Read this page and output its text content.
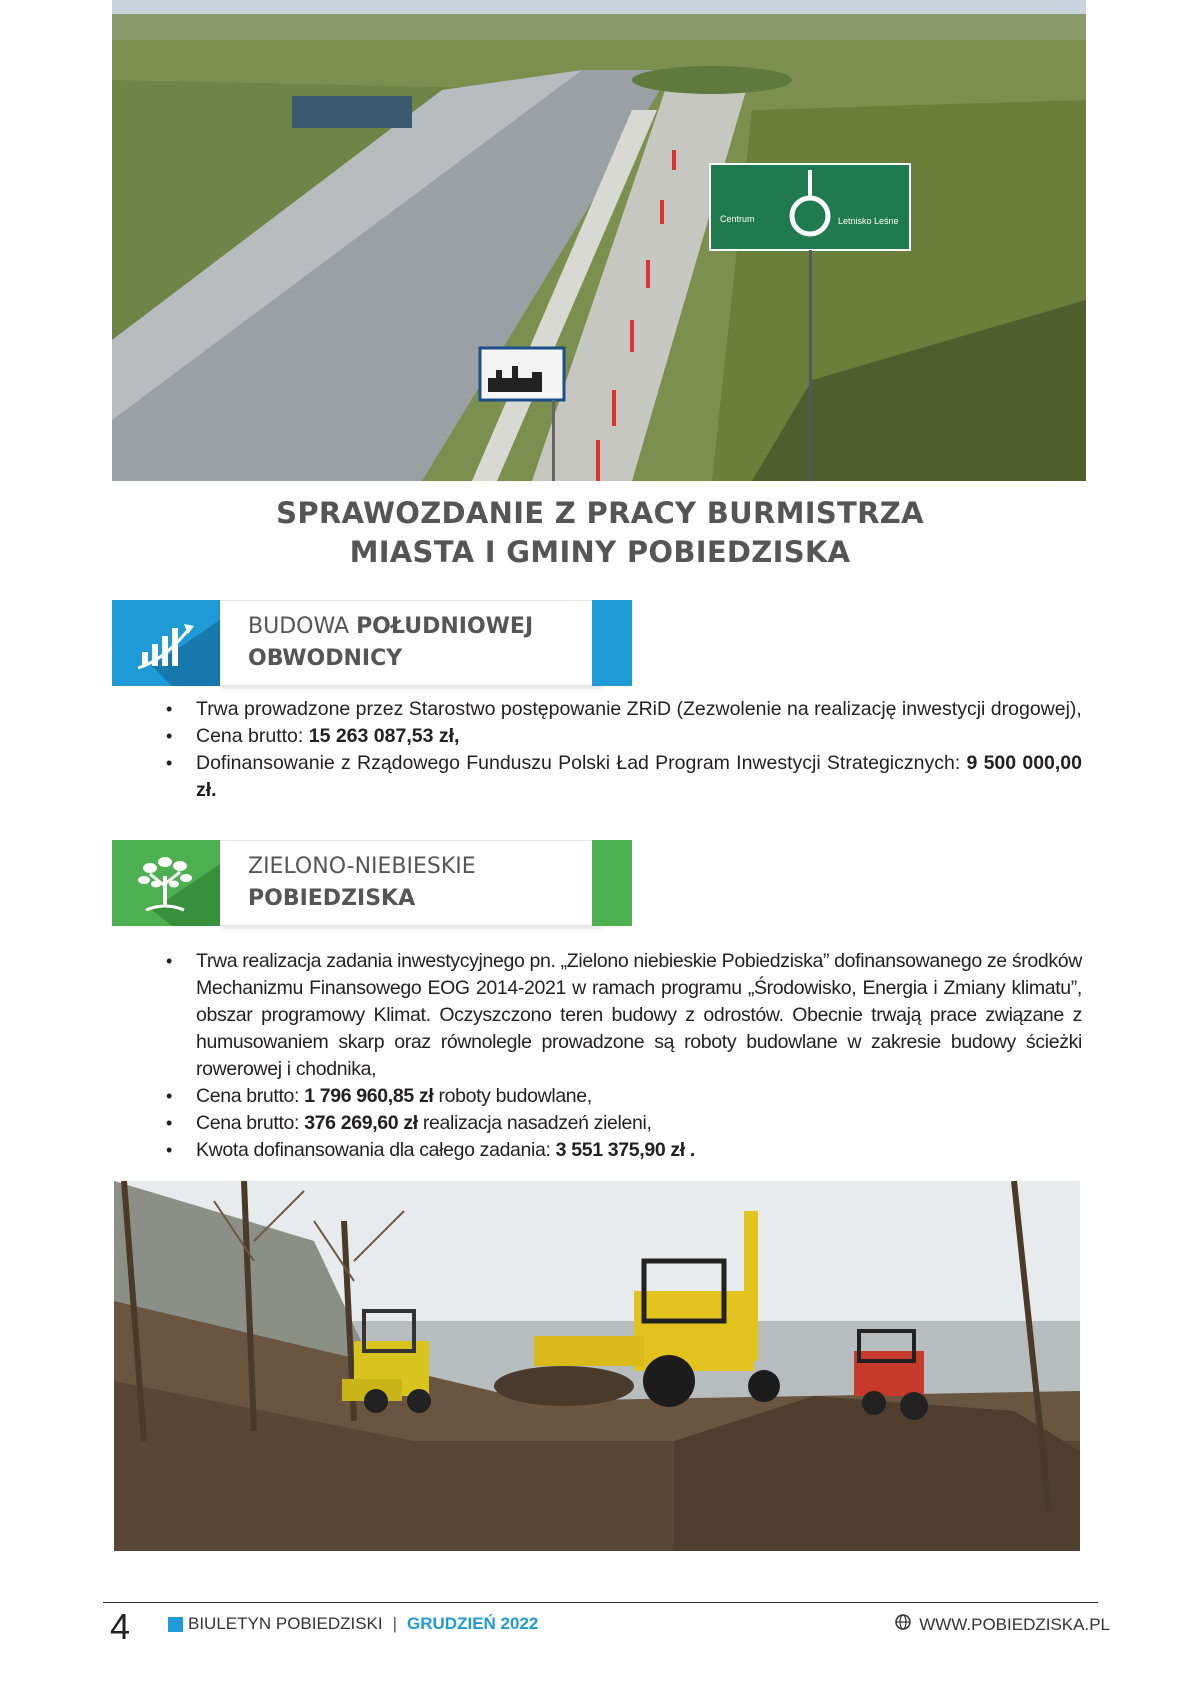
Centrum	Letnisko Leśne
SPRAWOZDANIE Z PRACY BURMISTRZA
MIASTA I GMINY POBIEDZISKA
BUDOWA POŁUDNIOWEJ
OBWODNICY
• Trwa prowadzone przez Starostwo postępowanie ZRiD (Zezwolenie na realizację inwestycji drogowej),
• Cena brutto: 15 263 087,53 zł,
• Dofinansowanie z Rządowego Funduszu Polski Ład Program Inwestycji Strategicznych: 9 500 000,00 zł.
ZIELONO-NIEBIESKIE
POBIEDZISKA
• Trwa realizacja zadania inwestycyjnego pn. „Zielono niebieskie Pobiedziska” dofinansowanego ze środków Mechanizmu Finansowego EOG 2014-2021 w ramach programu „Środowisko, Energia i Zmiany klimatu”, obszar programowy Klimat. Oczyszczono teren budowy z odrostów. Obecnie trwają prace związane z humusowaniem skarp oraz równolegle prowadzone są roboty budowlane w zakresie budowy ścieżki rowerowej i chodnika,
• Cena brutto: 1 796 960,85 zł roboty budowlane,
• Cena brutto: 376 269,60 zł realizacja nasadzeń zieleni,
• Kwota dofinansowania dla całego zadania: 3 551 375,90 zł .
4	BIULETYN POBIEDZISKI | GRUDZIEŃ 2022	WWW.POBIEDZISKA.PL
